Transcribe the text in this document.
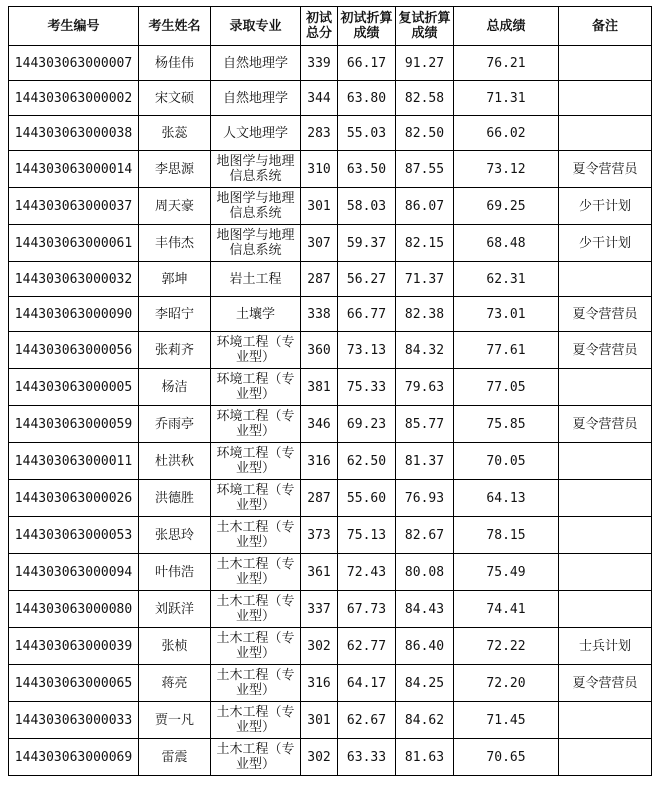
考生编号	考生姓名	录取专业	初试总分	初试折算成绩	复试折算成绩	总成绩	备注
144303063000007	杨佳伟	自然地理学	339	66.17	91.27	76.21	
144303063000002	宋文硕	自然地理学	344	63.80	82.58	71.31	
144303063000038	张蕊	人文地理学	283	55.03	82.50	66.02	
144303063000014	李思源	地图学与地理信息系统	310	63.50	87.55	73.12	夏令营营员
144303063000037	周天豪	地图学与地理信息系统	301	58.03	86.07	69.25	少干计划
144303063000061	丰伟杰	地图学与地理信息系统	307	59.37	82.15	68.48	少干计划
144303063000032	郭坤	岩土工程	287	56.27	71.37	62.31	
144303063000090	李昭宁	土壤学	338	66.77	82.38	73.01	夏令营营员
144303063000056	张莉齐	环境工程（专业型）	360	73.13	84.32	77.61	夏令营营员
144303063000005	杨洁	环境工程（专业型）	381	75.33	79.63	77.05	
144303063000059	乔雨亭	环境工程（专业型）	346	69.23	85.77	75.85	夏令营营员
144303063000011	杜洪秋	环境工程（专业型）	316	62.50	81.37	70.05	
144303063000026	洪德胜	环境工程（专业型）	287	55.60	76.93	64.13	
144303063000053	张思玲	土木工程（专业型）	373	75.13	82.67	78.15	
144303063000094	叶伟浩	土木工程（专业型）	361	72.43	80.08	75.49	
144303063000080	刘跃洋	土木工程（专业型）	337	67.73	84.43	74.41	
144303063000039	张桢	土木工程（专业型）	302	62.77	86.40	72.22	士兵计划
144303063000065	蒋亮	土木工程（专业型）	316	64.17	84.25	72.20	夏令营营员
144303063000033	贾一凡	土木工程（专业型）	301	62.67	84.62	71.45	
144303063000069	雷震	土木工程（专业型）	302	63.33	81.63	70.65	
